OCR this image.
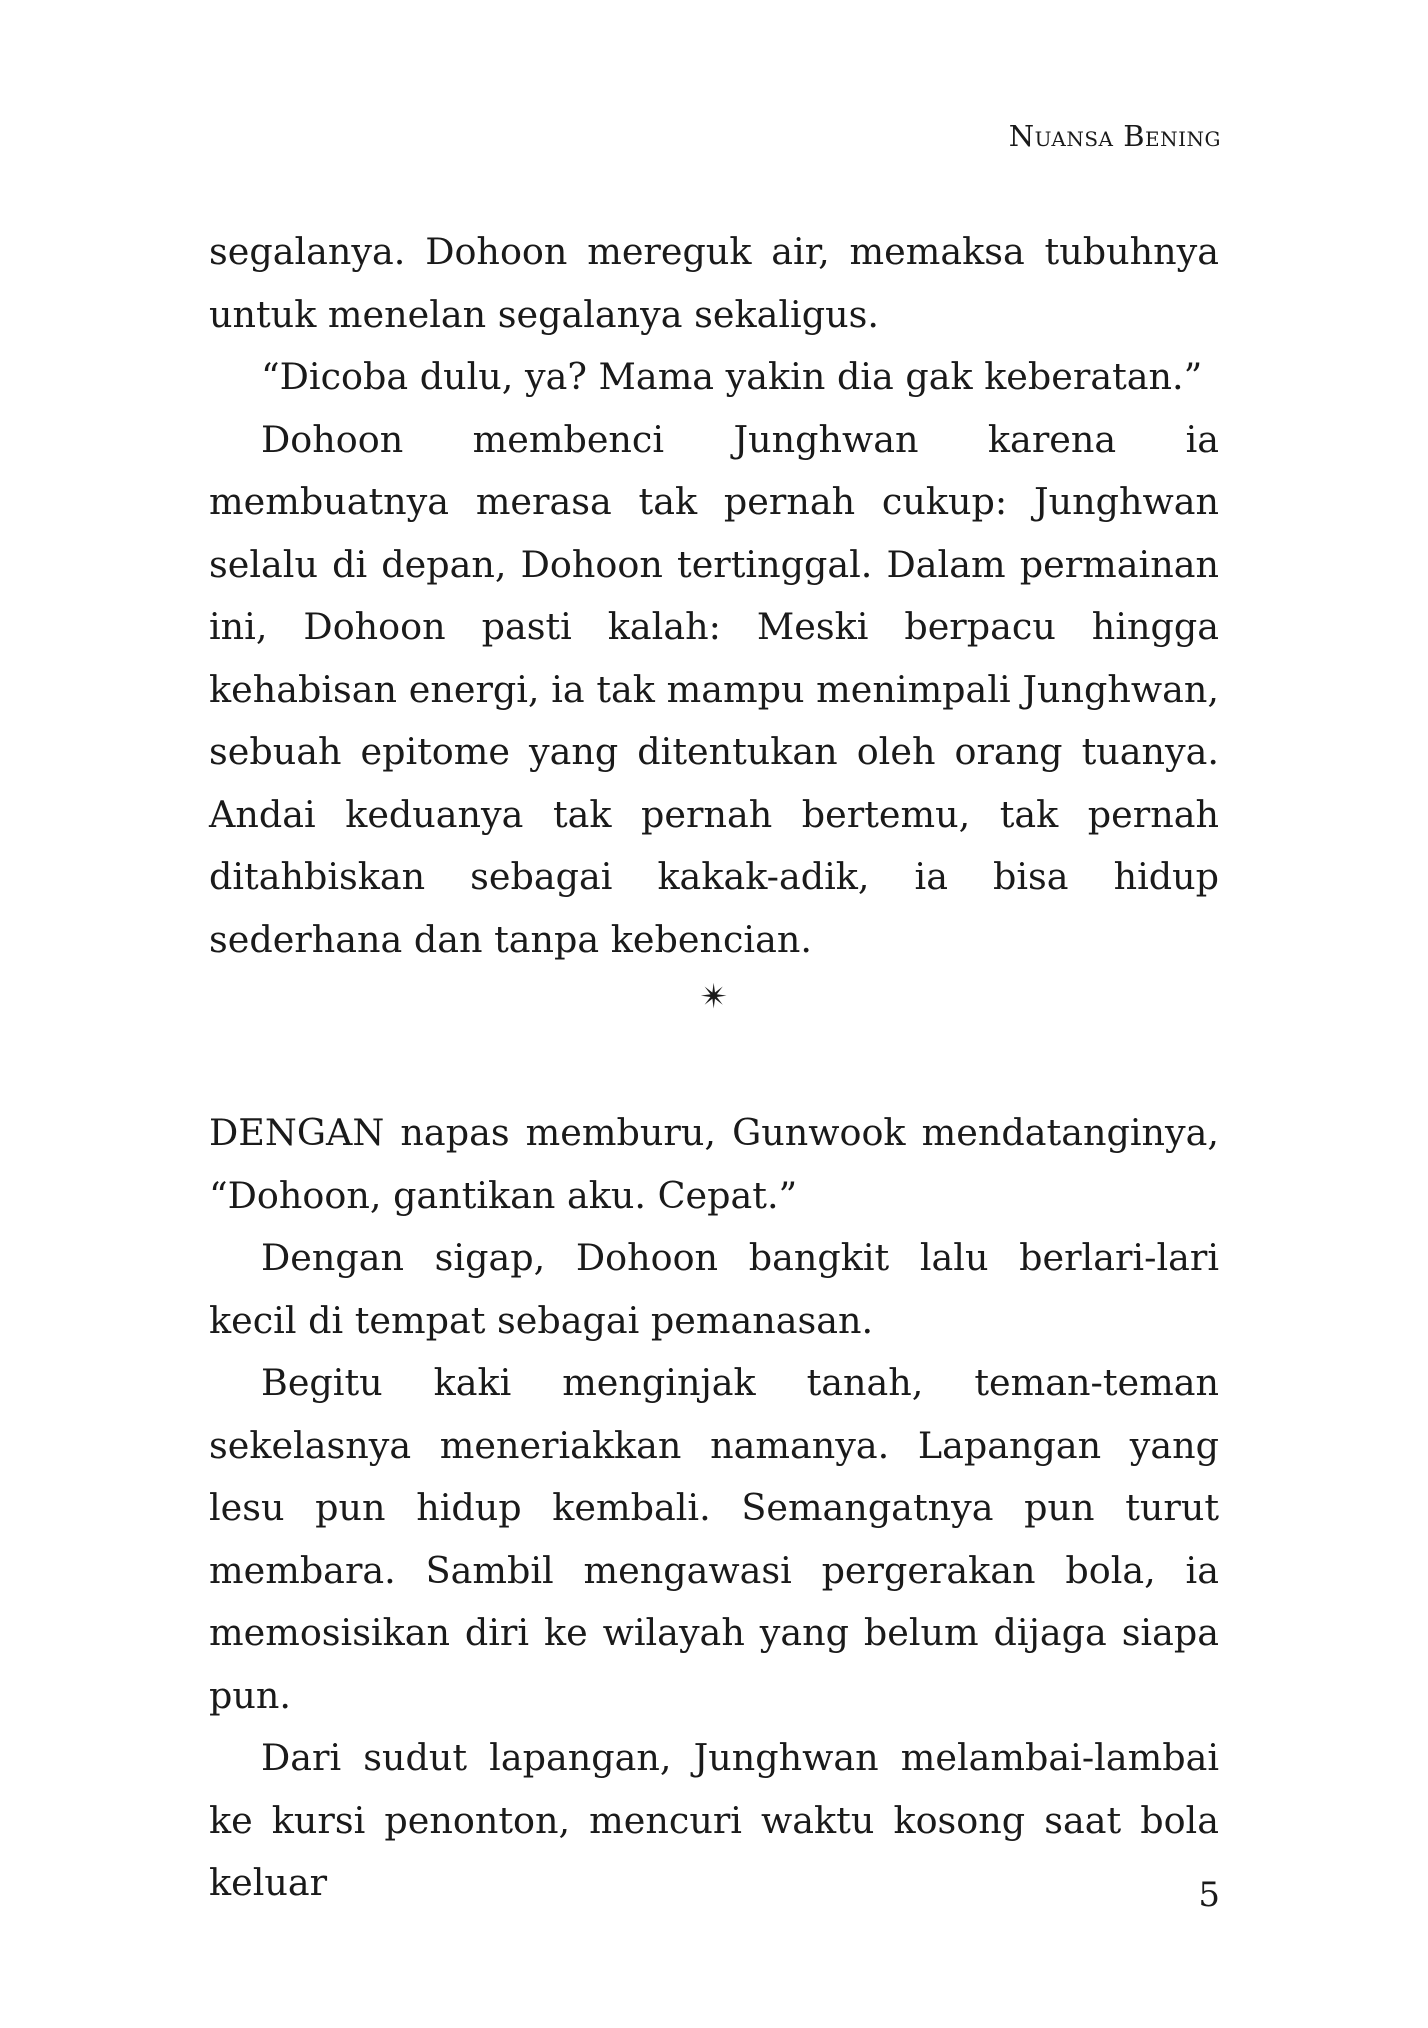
Nuansa Bening

segalanya. Dohoon mereguk air, memaksa tubuhnya untuk menelan segalanya sekaligus.

“Dicoba dulu, ya? Mama yakin dia gak keberatan.”

Dohoon membenci Junghwan karena ia membuatnya merasa tak pernah cukup: Junghwan selalu di depan, Dohoon tertinggal. Dalam permainan ini, Dohoon pasti kalah: Meski berpacu hingga kehabisan energi, ia tak mampu menimpali Junghwan, sebuah epitome yang ditentukan oleh orang tuanya. Andai keduanya tak pernah bertemu, tak pernah ditahbiskan sebagai kakak-adik, ia bisa hidup sederhana dan tanpa kebencian.

✴

DENGAN napas memburu, Gunwook mendatanginya, “Dohoon, gantikan aku. Cepat.”

Dengan sigap, Dohoon bangkit lalu berlari-lari kecil di tempat sebagai pemanasan.

Begitu kaki menginjak tanah, teman-teman sekelasnya meneriakkan namanya. Lapangan yang lesu pun hidup kembali. Semangatnya pun turut membara. Sambil mengawasi pergerakan bola, ia memosisikan diri ke wilayah yang belum dijaga siapa pun.

Dari sudut lapangan, Junghwan melambai-lambai ke kursi penonton, mencuri waktu kosong saat bola keluar	5
